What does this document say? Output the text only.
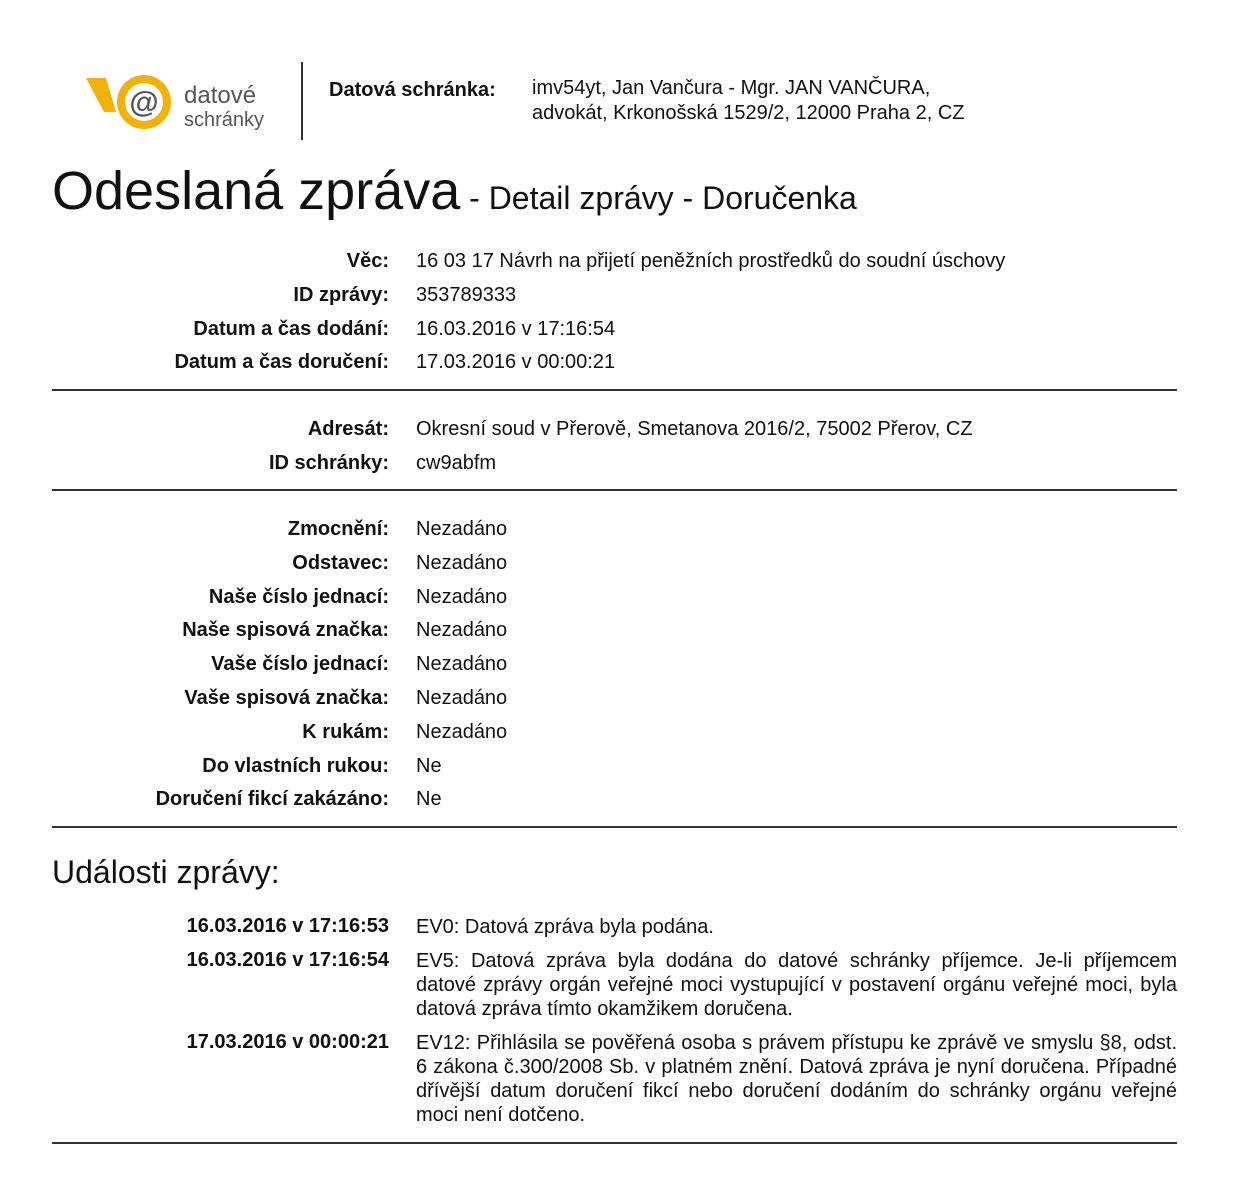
@ datové
schránky
Datová schránka: imv54yt, Jan Vančura - Mgr. JAN VANČURA,
advokát, Krkonošská 1529/2, 12000 Praha 2, CZ
Odeslaná zpráva - Detail zprávy - Doručenka
Věc: 16 03 17 Návrh na přijetí peněžních prostředků do soudní úschovy
ID zprávy: 353789333
Datum a čas dodání: 16.03.2016 v 17:16:54
Datum a čas doručení: 17.03.2016 v 00:00:21
Adresát: Okresní soud v Přerově, Smetanova 2016/2, 75002 Přerov, CZ
ID schránky: cw9abfm
Zmocnění: Nezadáno
Odstavec: Nezadáno
Naše číslo jednací: Nezadáno
Naše spisová značka: Nezadáno
Vaše číslo jednací: Nezadáno
Vaše spisová značka: Nezadáno
K rukám: Nezadáno
Do vlastních rukou: Ne
Doručení fikcí zakázáno: Ne
Události zprávy:
16.03.2016 v 17:16:53 EV0: Datová zpráva byla podána.
16.03.2016 v 17:16:54 EV5: Datová zpráva byla dodána do datové schránky příjemce. Je-li příjemcem datové zprávy orgán veřejné moci vystupující v postavení orgánu veřejné moci, byla datová zpráva tímto okamžikem doručena.
17.03.2016 v 00:00:21 EV12: Přihlásila se pověřená osoba s právem přístupu ke zprávě ve smyslu §8, odst. 6 zákona č.300/2008 Sb. v platném znění. Datová zpráva je nyní doručena. Případné dřívější datum doručení fikcí nebo doručení dodáním do schránky orgánu veřejné moci není dotčeno.
